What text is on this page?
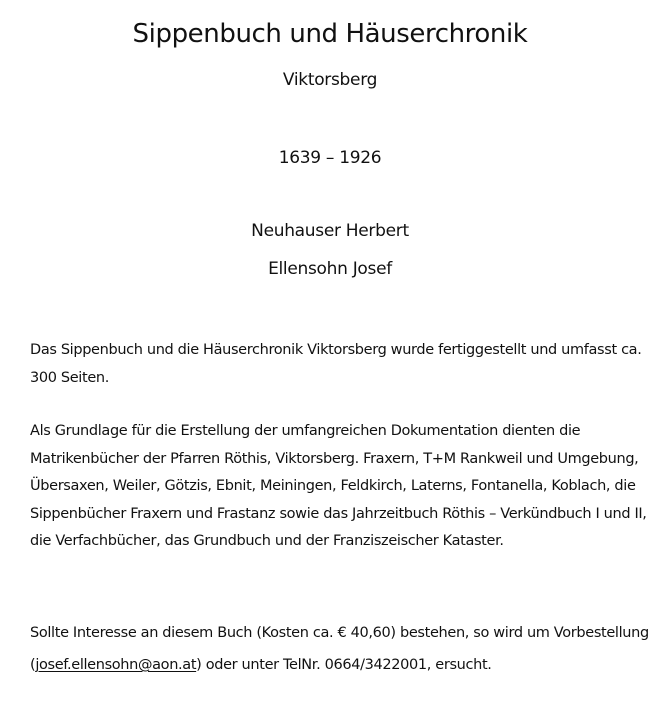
Sippenbuch und Häuserchronik
Viktorsberg
1639 – 1926
Neuhauser Herbert
Ellensohn Josef

Das Sippenbuch und die Häuserchronik Viktorsberg wurde fertiggestellt und umfasst ca. 300 Seiten.

Als Grundlage für die Erstellung der umfangreichen Dokumentation dienten die Matrikenbücher der Pfarren Röthis, Viktorsberg. Fraxern, T+M Rankweil und Umgebung, Übersaxen, Weiler, Götzis, Ebnit, Meiningen, Feldkirch, Laterns, Fontanella, Koblach, die Sippenbücher Fraxern und Frastanz sowie das Jahrzeitbuch Röthis – Verkündbuch I und II, die Verfachbücher, das Grundbuch und der Franziszeischer Kataster.

Sollte Interesse an diesem Buch (Kosten ca. € 40,60) bestehen, so wird um Vorbestellung (josef.ellensohn@aon.at) oder unter TelNr. 0664/3422001, ersucht.
